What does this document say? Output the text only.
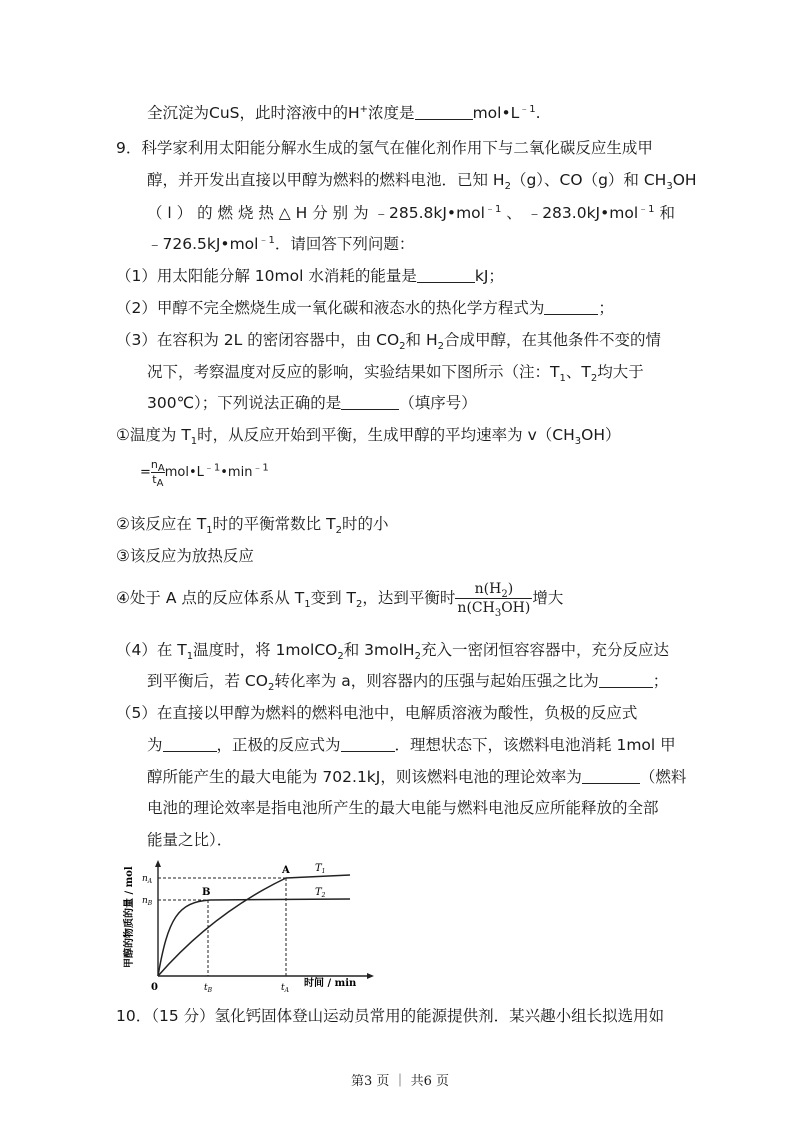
全沉淀为CuS，此时溶液中的H+浓度是	$mol•L^{﹣1}$.
9．科学家利用太阳能分解水生成的氢气在催化剂作用下与二氧化碳反应生成甲
醇，并开发出直接以甲醇为燃料的燃料电池．已知 $H_2(g)$、CO（g）和 $CH_3OH$
（ l ） 的 燃 烧 热 △ H 分 别 为 ﹣285.8kJ•mol$^{﹣1}$ 、 ﹣283.0kJ•mol$^{﹣1}$ 和
﹣726.5kJ•mol$^{﹣1}$．请回答下列问题：
（1）用太阳能分解 10mol 水消耗的能量是	kJ；
（2）甲醇不完全燃烧生成一氧化碳和液态水的热化学方程式为	；
（3）在容积为 2L 的密闭容器中，由 $CO_2$和 $H_2$合成甲醇，在其他条件不变的情
况下，考察温度对反应的影响，实验结果如下图所示（注：$T_1$、$T_2$均大于
300℃）；下列说法正确的是	（填序号）
①温度为 $T_1$时，从反应开始到平衡，生成甲醇的平均速率为 $v(CH_3OH)$
= $\frac{n_A}{t_A}$ $mol•L^{﹣1}•\min^{﹣1}$
②该反应在 $T_1$时的平衡常数比 $T_2$时的小
③该反应为放热反应
④处于 A 点的反应体系从 $T_1$变到 $T_2$，达到平衡时 $\frac{n(H_2)}{n(CH_3OH)}$ 增大
（4）在 $T_1$温度时，将 1molCO$_2$和 3molH$_2$充入一密闭恒容容器中，充分反应达
到平衡后，若 $CO_2$转化率为 a，则容器内的压强与起始压强之比为	；
（5）在直接以甲醇为燃料的燃料电池中，电解质溶液为酸性，负极的反应式
为	，正极的反应式为	．理想状态下，该燃料电池消耗 1mol 甲
醇所能产生的最大电能为 702.1kJ，则该燃料电池的理论效率为	（燃料
电池的理论效率是指电池所产生的最大电能与燃料电池反应所能释放的全部
能量之比）．
甲醇的物质的量 / mol $n_A$
$n_B$
$t_B$	$t_A$
0
A
B
$T_1$
$T_2$
时间 / min
10．（15 分）氢化钙固体登山运动员常用的能源提供剂．某兴趣小组长拟选用如
第3 页 ｜ 共6 页
